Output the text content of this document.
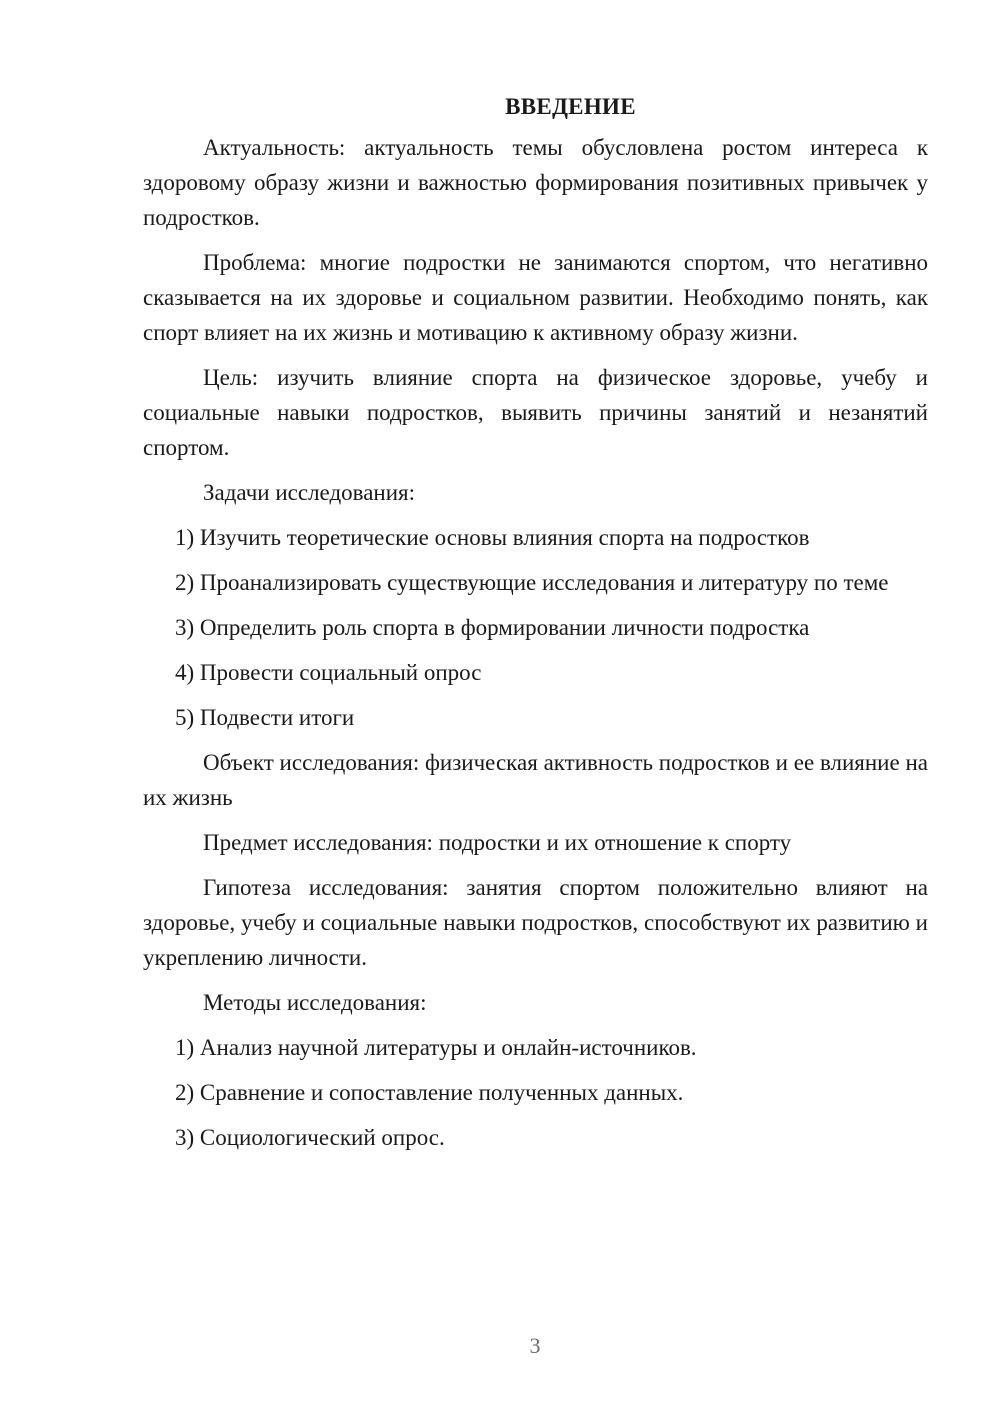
ВВЕДЕНИЕ

Актуальность: актуальность темы обусловлена ростом интереса к здоровому образу жизни и важностью формирования позитивных привычек у подростков.

Проблема: многие подростки не занимаются спортом, что негативно сказывается на их здоровье и социальном развитии. Необходимо понять, как спорт влияет на их жизнь и мотивацию к активному образу жизни.

Цель: изучить влияние спорта на физическое здоровье, учебу и социальные навыки подростков, выявить причины занятий и незанятий спортом.

Задачи исследования:

1) Изучить теоретические основы влияния спорта на подростков

2) Проанализировать существующие исследования и литературу по теме

3) Определить роль спорта в формировании личности подростка

4) Провести социальный опрос

5) Подвести итоги

Объект исследования: физическая активность подростков и ее влияние на их жизнь

Предмет исследования: подростки и их отношение к спорту

Гипотеза исследования: занятия спортом положительно влияют на здоровье, учебу и социальные навыки подростков, способствуют их развитию и укреплению личности.

Методы исследования:

1) Анализ научной литературы и онлайн-источников.

2) Сравнение и сопоставление полученных данных.

3) Социологический опрос.

3
